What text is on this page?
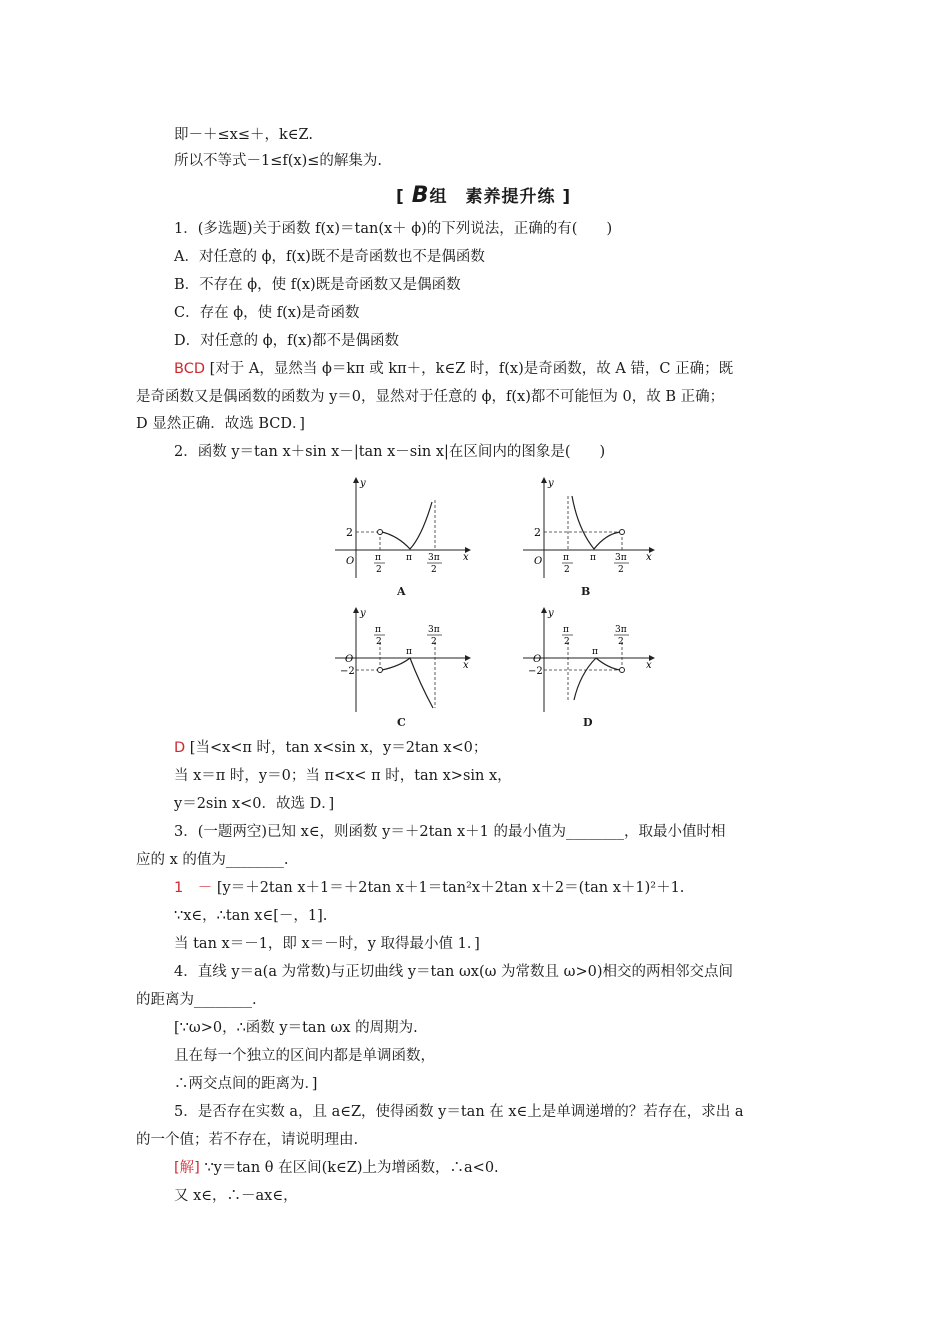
即－＋≤x≤＋，k∈Z.
所以不等式－1≤f(x)≤的解集为.
[ B组　素养提升练 ]
1．(多选题)关于函数 f(x)＝tan(x＋ ϕ)的下列说法，正确的有(　　)
A．对任意的 ϕ，f(x)既不是奇函数也不是偶函数
B．不存在 ϕ，使 f(x)既是奇函数又是偶函数
C．存在 ϕ，使 f(x)是奇函数
D．对任意的 ϕ，f(x)都不是偶函数
BCD [对于 A，显然当 ϕ＝kπ 或 kπ＋，k∈Z 时，f(x)是奇函数，故 A 错，C 正确；既
是奇函数又是偶函数的函数为 y＝0，显然对于任意的 ϕ，f(x)都不可能恒为 0，故 B 正确；
D 显然正确．故选 BCD．]
2．函数 y＝tan x＋sin x－|tan x－sin x|在区间内的图象是(　　)
y
x
O
2
π
2
π 3π
2
A
y
x
O
2
π
2
π 3π
2
B
y
x
O
−2
π
2
π
3π
2
C
y
x
O
−2
π
2
π
3π
2
D
D [当<x<π 时，tan x<sin x，y＝2tan x<0；
当 x＝π 时，y＝0；当 π<x< π 时，tan x>sin x，
y＝2sin x<0．故选 D．]
3．(一题两空)已知 x∈，则函数 y＝＋2tan x＋1 的最小值为________，取最小值时相
应的 x 的值为________.
1　－ [y＝＋2tan x＋1＝＋2tan x＋1＝tan²x＋2tan x＋2＝(tan x＋1)²＋1.
∵x∈，∴tan x∈[－，1].
当 tan x＝－1，即 x＝－时，y 取得最小值 1．]
4．直线 y＝a(a 为常数)与正切曲线 y＝tan ωx(ω 为常数且 ω>0)相交的两相邻交点间
的距离为________.
[∵ω>0，∴函数 y＝tan ωx 的周期为.
且在每一个独立的区间内都是单调函数，
∴两交点间的距离为．]
5．是否存在实数 a，且 a∈Z，使得函数 y＝tan 在 x∈上是单调递增的？若存在，求出 a
的一个值；若不存在，请说明理由.
[解] ∵y＝tan θ 在区间(k∈Z)上为增函数，∴a<0.
又 x∈，∴－ax∈，
